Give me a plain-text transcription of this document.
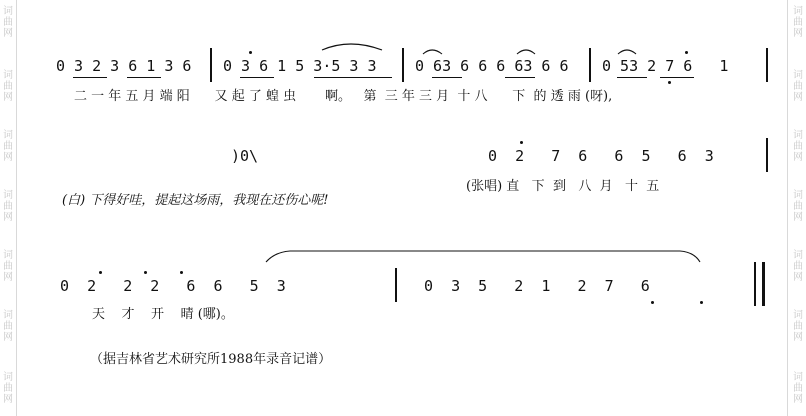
词曲网
词曲网
词曲网
词曲网
词曲网
词曲网
词曲网
词曲网
词曲网
词曲网
词曲网
词曲网
词曲网
词曲网
0 3 2 3 6 1 3 6 0 3 6 1 5 3·5 3 3	0 63 6 6 6 63 6 6 0 53 2 7 6   1
二 一 年 五 月 端 阳      又 起 了 蝗 虫       啊。   第  三 年 三 月  十 八      下  的 透 雨 (呀),
)0\	0  2   7  6   6  5   6  3
(张唱) 直   下  到   八  月   十  五
(白) 下得好哇，提起这场雨，我现在还伤心呢!
0  2   2  2   6  6   5  3	0  3  5   2  1   2  7   6
天    才    开    晴 (哪)。
（据吉林省艺术研究所1988年录音记谱）
